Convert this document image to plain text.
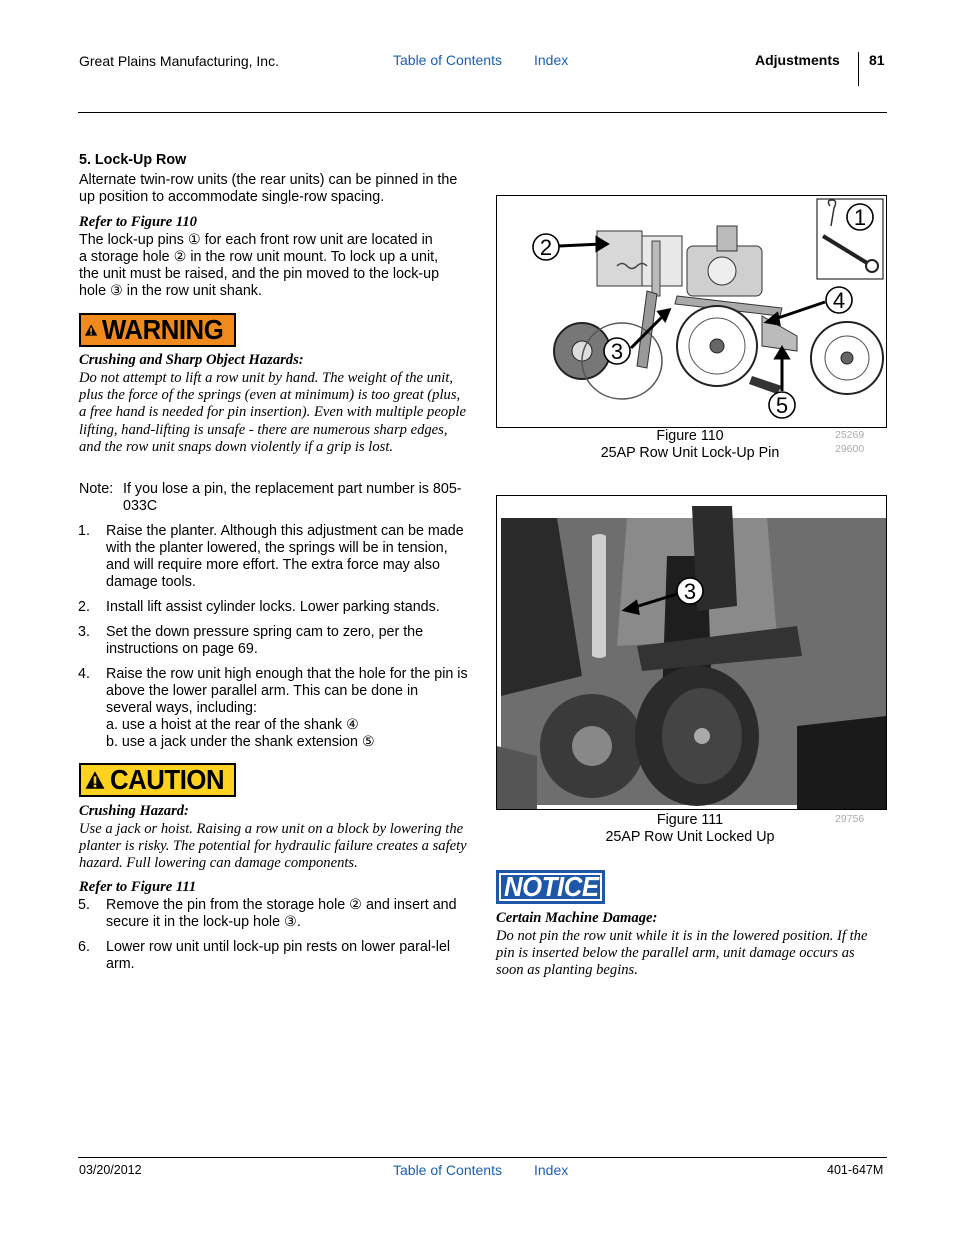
Great Plains Manufacturing, Inc.	Table of Contents Index	Adjustments 81
5. Lock-Up Row
Alternate twin-row units (the rear units) can be pinned in the up position to accommodate single-row spacing.
Refer to Figure 110
The lock-up pins ① for each front row unit are located in
a storage hole ② in the row unit mount. To lock up a unit,
the unit must be raised, and the pin moved to the lock-up
hole ③ in the row unit shank.
WARNING
Crushing and Sharp Object Hazards:
Do not attempt to lift a row unit by hand. The weight of the unit, plus the force of the springs (even at minimum) is too great (plus, a free hand is needed for pin insertion). Even with multiple people lifting, hand-lifting is unsafe - there are numerous sharp edges, and the row unit snaps down violently if a grip is lost.
Note: If you lose a pin, the replacement part number is 805-033C
1. Raise the planter. Although this adjustment can be made with the planter lowered, the springs will be in tension, and will require more effort. The extra force may also damage tools.
2. Install lift assist cylinder locks. Lower parking stands.
3. Set the down pressure spring cam to zero, per the instructions on page 69.
4. Raise the row unit high enough that the hole for the pin is above the lower parallel arm. This can be done in several ways, including:
a. use a hoist at the rear of the shank ④
b. use a jack under the shank extension ⑤
CAUTION
Crushing Hazard:
Use a jack or hoist. Raising a row unit on a block by lowering the planter is risky. The potential for hydraulic failure creates a safety hazard. Full lowering can damage components.
Refer to Figure 111
5. Remove the pin from the storage hole ② and insert and secure it in the lock-up hole ③.
6. Lower row unit until lock-up pin rests on lower paral-lel arm.
1
2
3
4
5
Figure 110
25AP Row Unit Lock-Up Pin
25269
29600
3
Figure 111
25AP Row Unit Locked Up
29756
NOTICE
Certain Machine Damage:
Do not pin the row unit while it is in the lowered position. If the pin is inserted below the parallel arm, unit damage occurs as soon as planting begins.
03/20/2012	Table of Contents Index	401-647M
